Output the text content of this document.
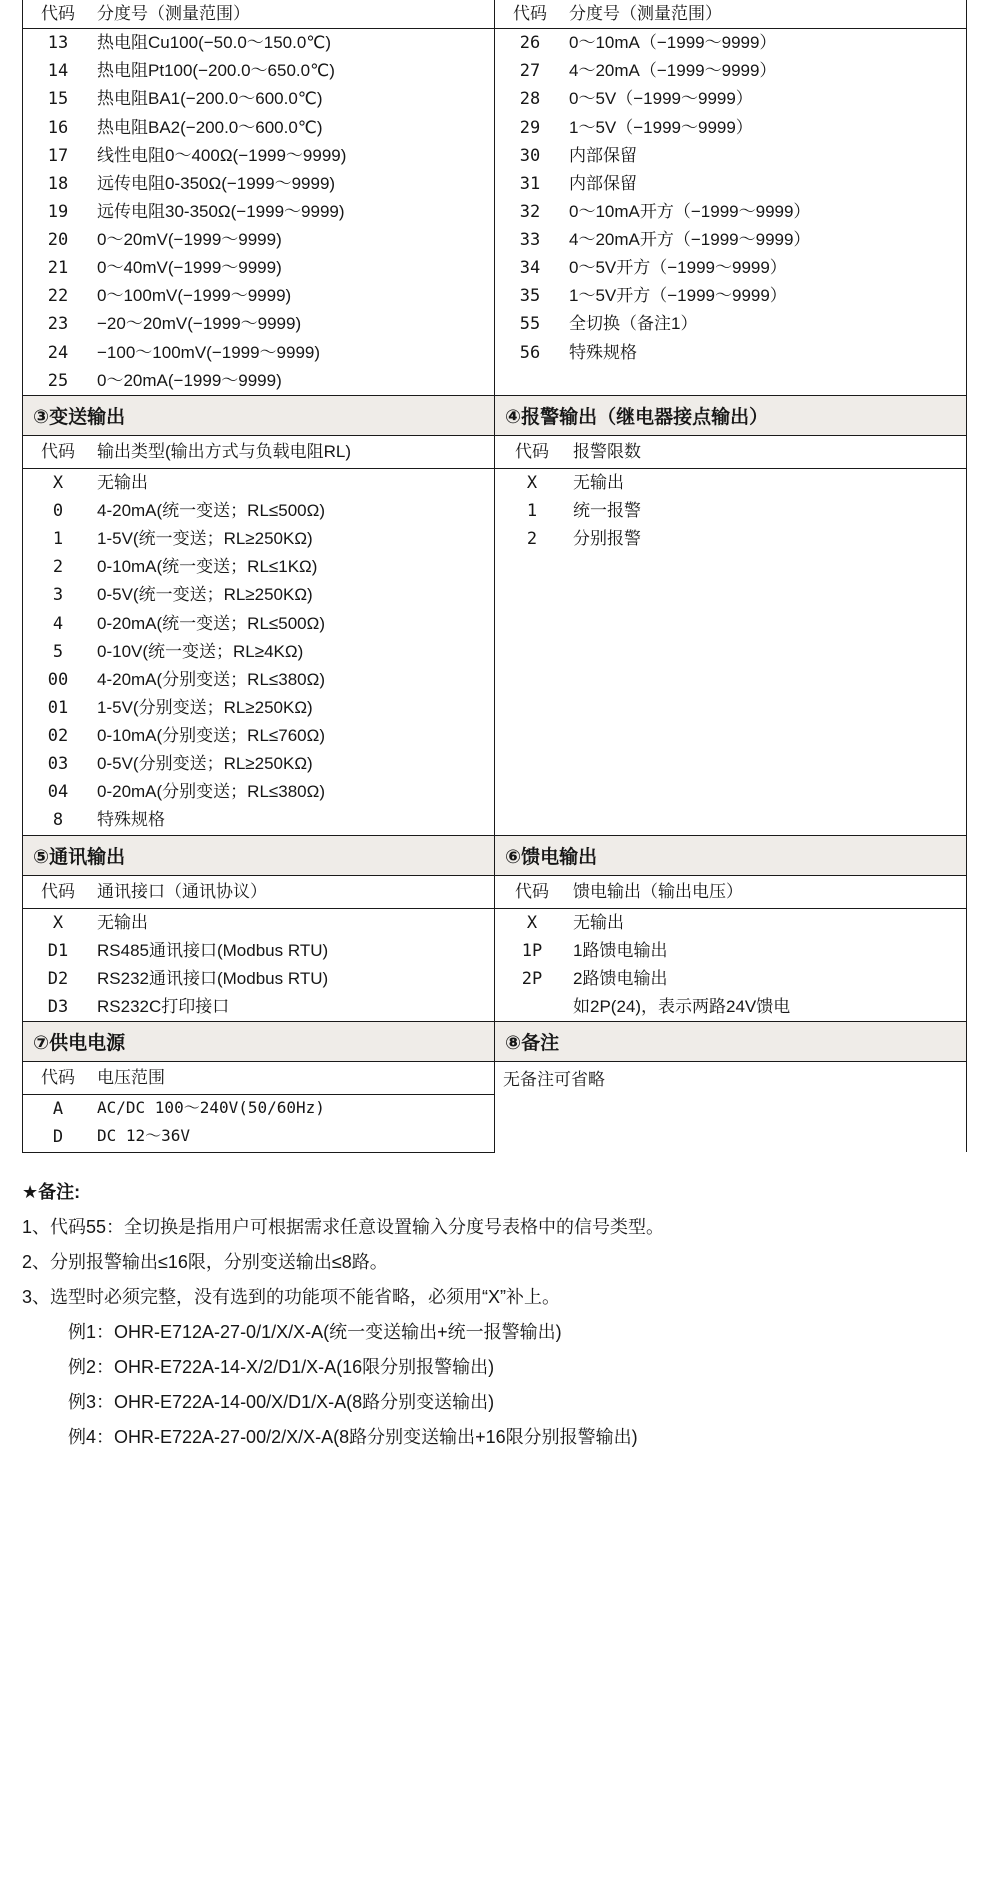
代码	分度号（测量范围）
		代码	分度号（测量范围）

13	热电阻Cu100(−50.0～150.0℃)
14	热电阻Pt100(−200.0～650.0℃)
15	热电阻BA1(−200.0～600.0℃)
16	热电阻BA2(−200.0～600.0℃)
17	线性电阻0～400Ω(−1999～9999)
18	远传电阻0-350Ω(−1999～9999)
19	远传电阻30-350Ω(−1999～9999)
20	0～20mV(−1999～9999)
21	0～40mV(−1999～9999)
22	0～100mV(−1999～9999)
23	−20～20mV(−1999～9999)
24	−100～100mV(−1999～9999)
25	0～20mA(−1999～9999)

26	0～10mA（−1999～9999）
27	4～20mA（−1999～9999）
28	0～5V（−1999～9999）
29	1～5V（−1999～9999）
30	内部保留
31	内部保留
32	0～10mA开方（−1999～9999）
33	4～20mA开方（−1999～9999）
34	0～5V开方（−1999～9999）
35	1～5V开方（−1999～9999）
55	全切换（备注1）
56	特殊规格

③变送输出	④报警输出（继电器接点输出）

代码	输出类型(输出方式与负载电阻RL)
		代码	报警限数

X	无输出
0	4-20mA(统一变送；RL≤500Ω)
1	1-5V(统一变送；RL≥250KΩ)
2	0-10mA(统一变送；RL≤1KΩ)
3	0-5V(统一变送；RL≥250KΩ)
4	0-20mA(统一变送；RL≤500Ω)
5	0-10V(统一变送；RL≥4KΩ)
00	4-20mA(分别变送；RL≤380Ω)
01	1-5V(分别变送；RL≥250KΩ)
02	0-10mA(分别变送；RL≤760Ω)
03	0-5V(分别变送；RL≥250KΩ)
04	0-20mA(分别变送；RL≤380Ω)
8	特殊规格

X	无输出
1	统一报警
2	分别报警

⑤通讯输出	⑥馈电输出

代码	通讯接口（通讯协议）
		代码	馈电输出（输出电压）

X	无输出
D1	RS485通讯接口(Modbus RTU)
D2	RS232通讯接口(Modbus RTU)
D3	RS232C打印接口

X	无输出
1P	1路馈电输出
2P	2路馈电输出
	如2P(24)，表示两路24V馈电

⑦供电电源	⑧备注

代码	电压范围
		无备注可省略

A	AC/DC 100～240V(50/60Hz)
D	DC 12～36V
★备注:
1、代码55：全切换是指用户可根据需求任意设置输入分度号表格中的信号类型。
2、分别报警输出≤16限，分别变送输出≤8路。
3、选型时必须完整，没有选到的功能项不能省略，必须用“X”补上。
例1：OHR-E712A-27-0/1/X/X-A(统一变送输出+统一报警输出)
例2：OHR-E722A-14-X/2/D1/X-A(16限分别报警输出)
例3：OHR-E722A-14-00/X/D1/X-A(8路分别变送输出)
例4：OHR-E722A-27-00/2/X/X-A(8路分别变送输出+16限分别报警输出)
